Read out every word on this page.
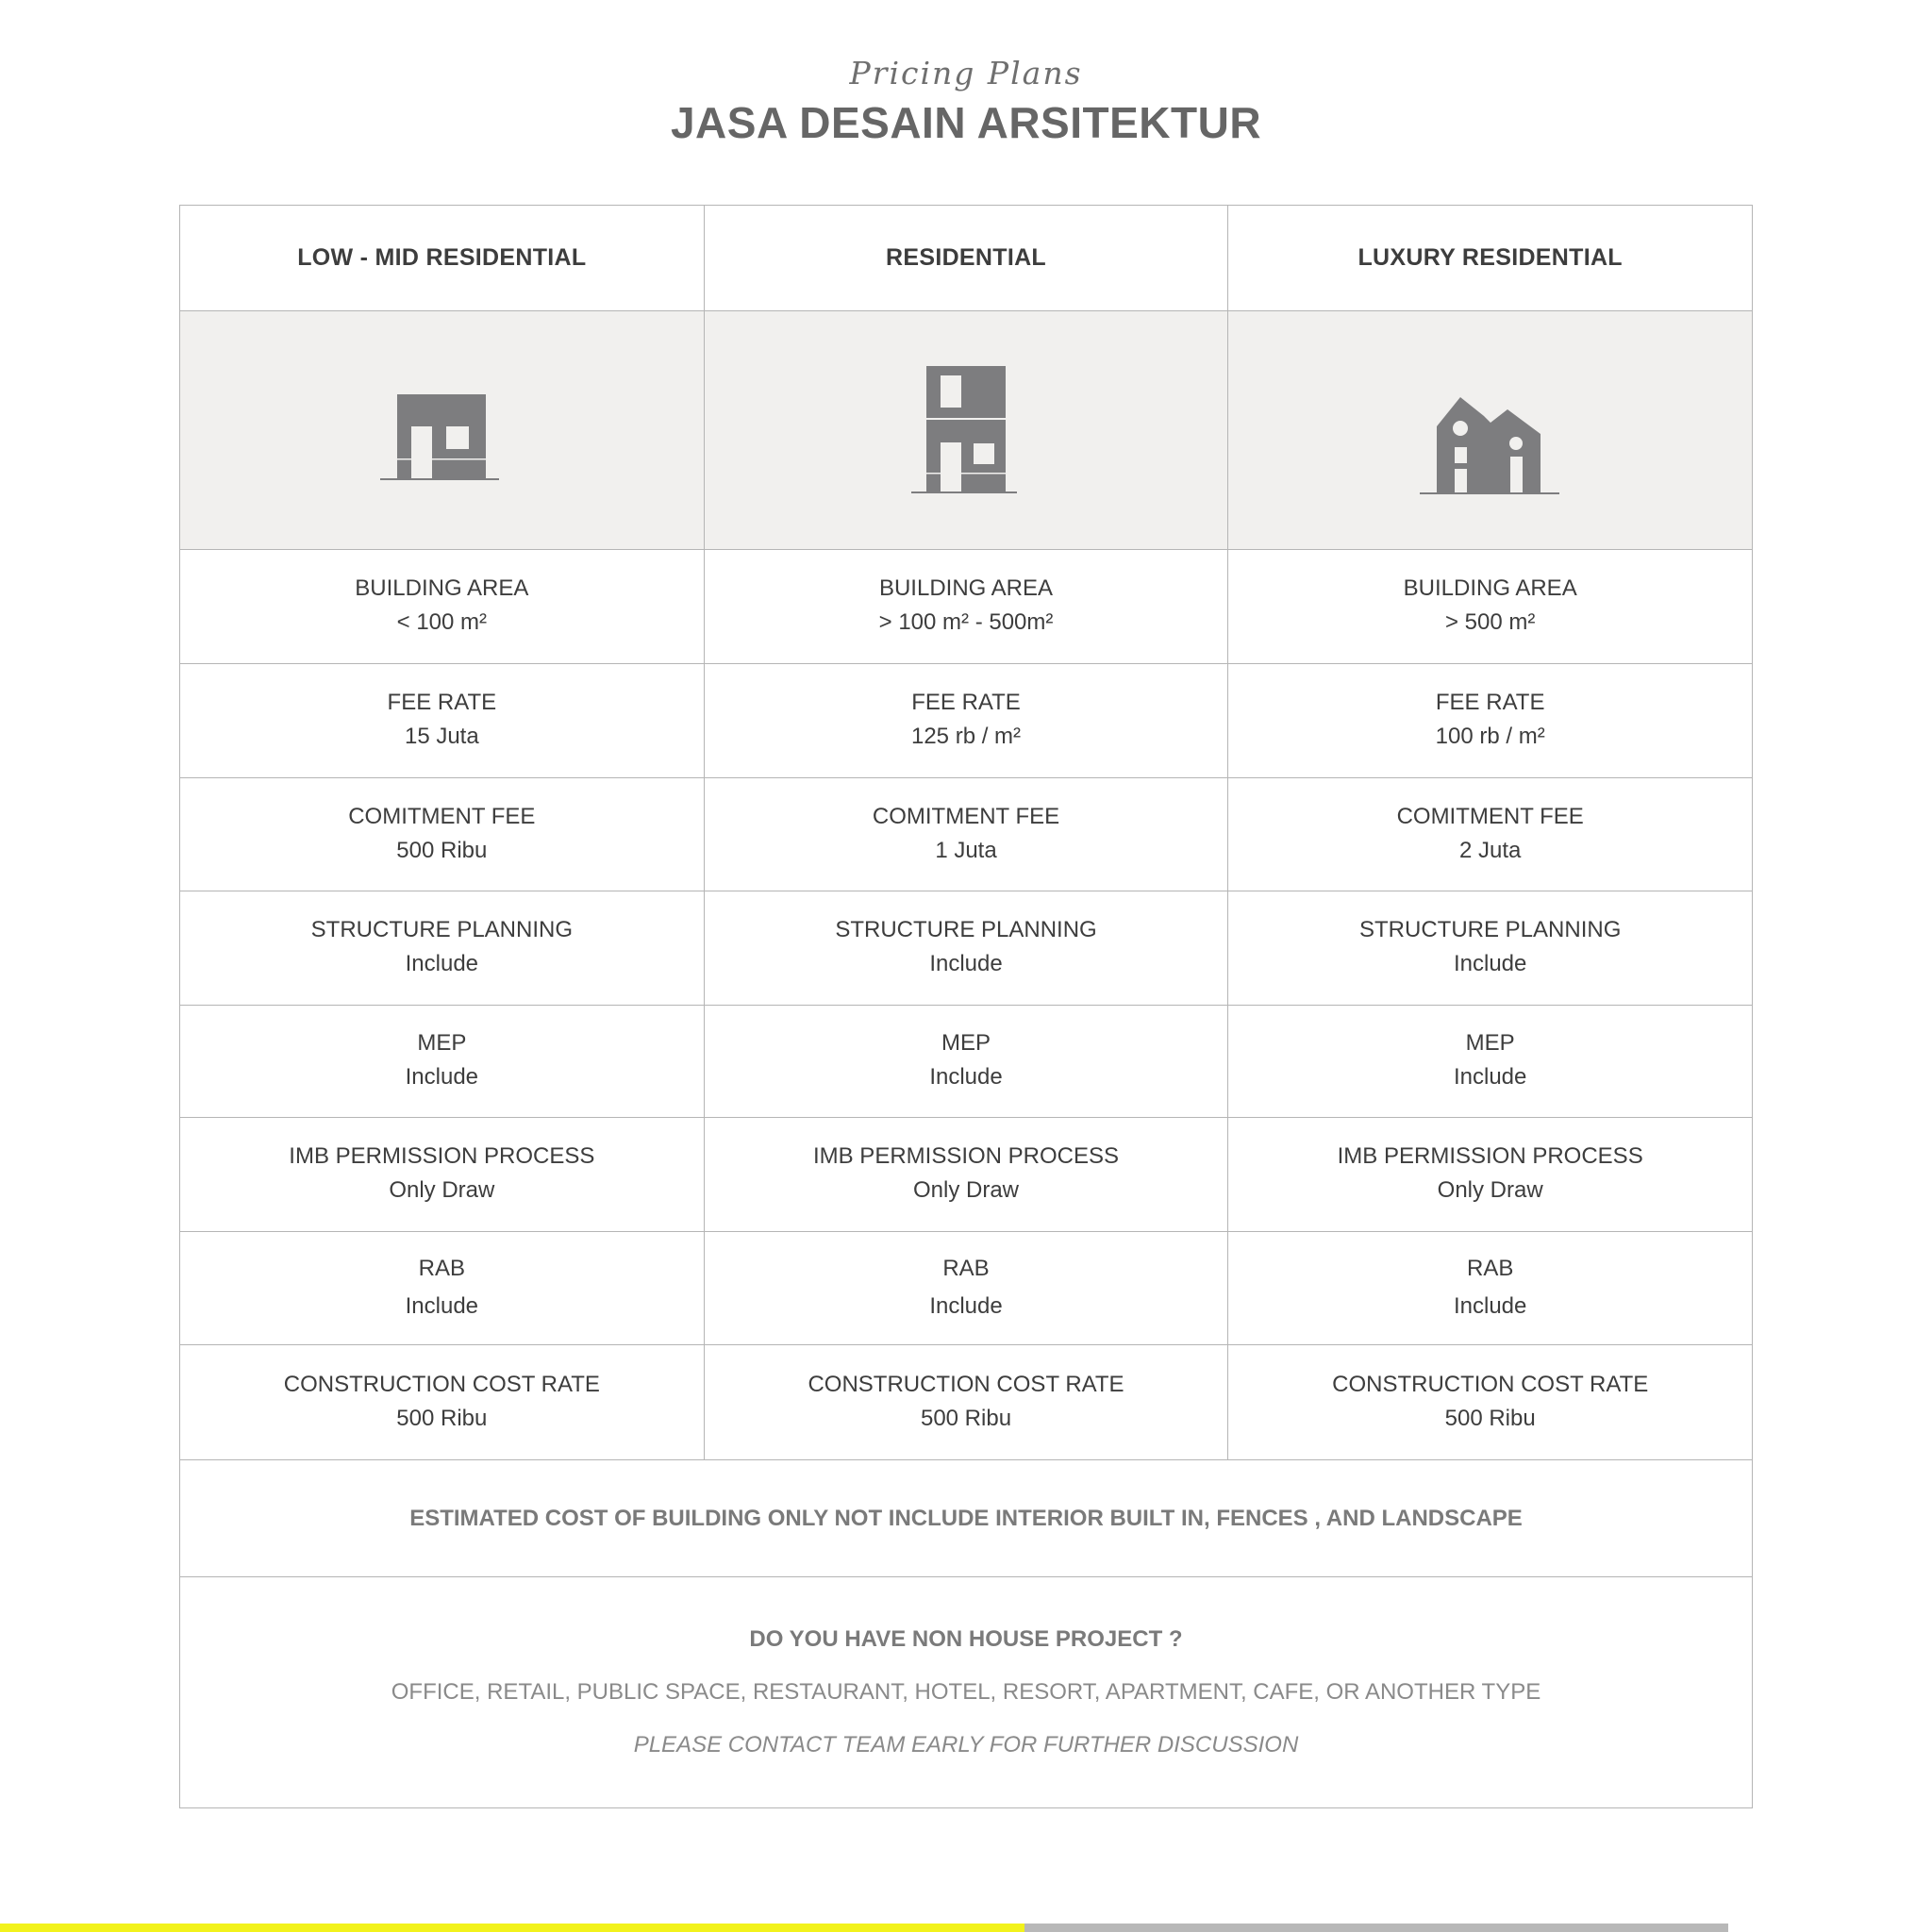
Pricing Plans
JASA DESAIN ARSITEKTUR
LOW - MID RESIDENTIAL	RESIDENTIAL	LUXURY RESIDENTIAL
BUILDING AREA
< 100 m²
BUILDING AREA
> 100 m² - 500m²
BUILDING AREA
> 500 m²
FEE RATE
15 Juta
FEE RATE
125 rb / m²
FEE RATE
100 rb / m²
COMITMENT FEE
500 Ribu
COMITMENT FEE
1 Juta
COMITMENT FEE
2 Juta
STRUCTURE PLANNING
Include
STRUCTURE PLANNING
Include
STRUCTURE PLANNING
Include
MEP
Include
MEP
Include
MEP
Include
IMB PERMISSION PROCESS
Only Draw
IMB PERMISSION PROCESS
Only Draw
IMB PERMISSION PROCESS
Only Draw
RAB
Include
RAB
Include
RAB
Include
CONSTRUCTION COST RATE
500 Ribu
CONSTRUCTION COST RATE
500 Ribu
CONSTRUCTION COST RATE
500 Ribu
ESTIMATED COST OF BUILDING ONLY NOT INCLUDE INTERIOR BUILT IN, FENCES , AND LANDSCAPE
DO YOU HAVE NON HOUSE PROJECT ?
OFFICE, RETAIL, PUBLIC SPACE, RESTAURANT, HOTEL, RESORT, APARTMENT, CAFE, OR ANOTHER TYPE
PLEASE CONTACT TEAM EARLY FOR FURTHER DISCUSSION
